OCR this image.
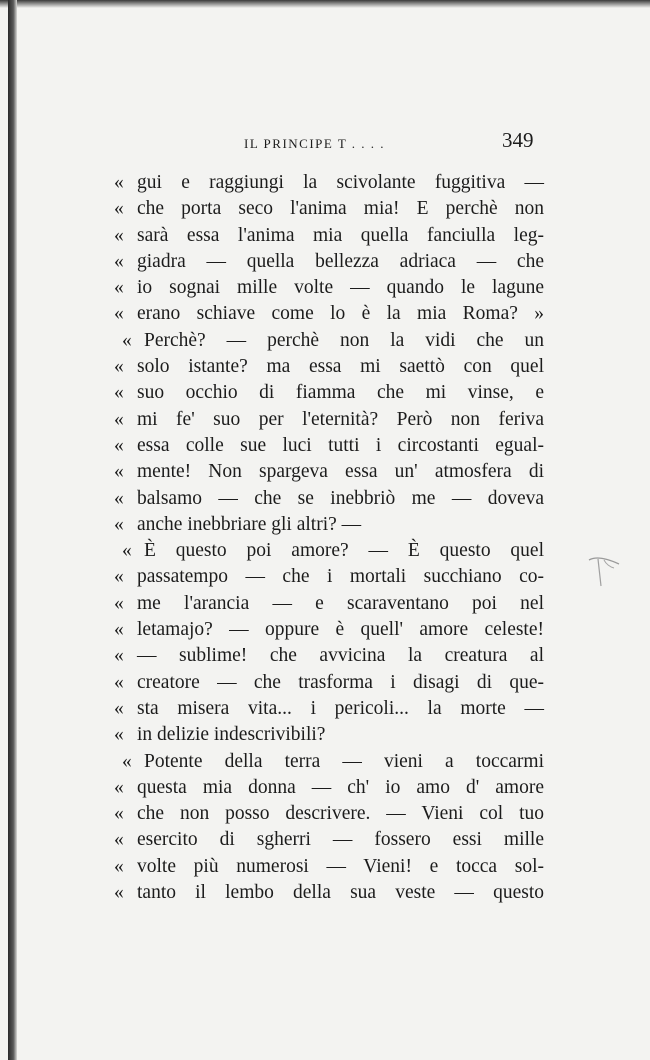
IL PRINCIPE T . . . .	349
« gui e raggiungi la scivolante fuggitiva —
« che porta seco l'anima mia! E perchè non
« sarà essa l'anima mia quella fanciulla leg-
« giadra — quella bellezza adriaca — che
« io sognai mille volte — quando le lagune
« erano schiave come lo è la mia Roma? »
« Perchè? — perchè non la vidi che un
« solo istante? ma essa mi saettò con quel
« suo occhio di fiamma che mi vinse, e
« mi fe' suo per l'eternità? Però non feriva
« essa colle sue luci tutti i circostanti egual-
« mente! Non spargeva essa un' atmosfera di
« balsamo — che se inebbriò me — doveva
« anche inebbriare gli altri? —
« È questo poi amore? — È questo quel
« passatempo — che i mortali succhiano co-
« me l'arancia — e scaraventano poi nel
« letamajo? — oppure è quell' amore celeste!
« — sublime! che avvicina la creatura al
« creatore — che trasforma i disagi di que-
« sta misera vita... i pericoli... la morte —
« in delizie indescrivibili?
« Potente della terra — vieni a toccarmi
« questa mia donna — ch' io amo d' amore
« che non posso descrivere. — Vieni col tuo
« esercito di sgherri — fossero essi mille
« volte più numerosi — Vieni! e tocca sol-
« tanto il lembo della sua veste — questo
